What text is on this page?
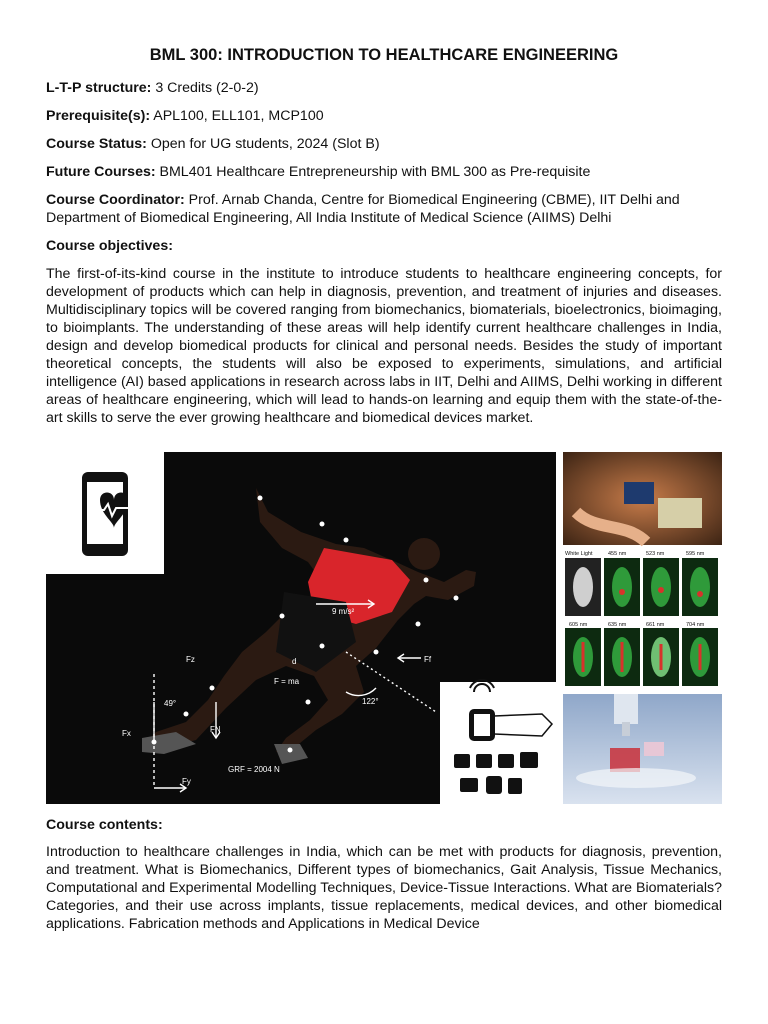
BML 300: INTRODUCTION TO HEALTHCARE ENGINEERING
L-T-P structure: 3 Credits (2-0-2)
Prerequisite(s): APL100, ELL101, MCP100
Course Status: Open for UG students, 2024 (Slot B)
Future Courses: BML401 Healthcare Entrepreneurship with BML 300 as Pre-requisite
Course Coordinator: Prof. Arnab Chanda, Centre for Biomedical Engineering (CBME), IIT Delhi and Department of Biomedical Engineering, All India Institute of Medical Science (AIIMS) Delhi
Course objectives:
The first-of-its-kind course in the institute to introduce students to healthcare engineering concepts, for development of products which can help in diagnosis, prevention, and treatment of injuries and diseases. Multidisciplinary topics will be covered ranging from biomechanics, biomaterials, bioelectronics, bioimaging, to bioimplants. The understanding of these areas will help identify current healthcare challenges in India, design and develop biomedical products for clinical and personal needs. Besides the study of important theoretical concepts, the students will also be exposed to experiments, simulations, and artificial intelligence (AI) based applications in research across labs in IIT, Delhi and AIIMS, Delhi working in different areas of healthcare engineering, which will lead to hands-on learning and equip them with the state-of-the-art skills to serve the ever growing healthcare and biomedical devices market.
9 m/s²
F = ma
GRF = 2004 N
49°	122°
FN
Ff
Fx
Fy
Fz	d
White Light	455 nm	523 nm	595 nm
605 nm	635 nm	661 nm	704 nm
Course contents:
Introduction to healthcare challenges in India, which can be met with products for diagnosis, prevention, and treatment. What is Biomechanics, Different types of biomechanics, Gait Analysis, Tissue Mechanics, Computational and Experimental Modelling Techniques, Device-Tissue Interactions. What are Biomaterials? Categories, and their use across implants, tissue replacements, medical devices, and other biomedical applications. Fabrication methods and Applications in Medical Device
